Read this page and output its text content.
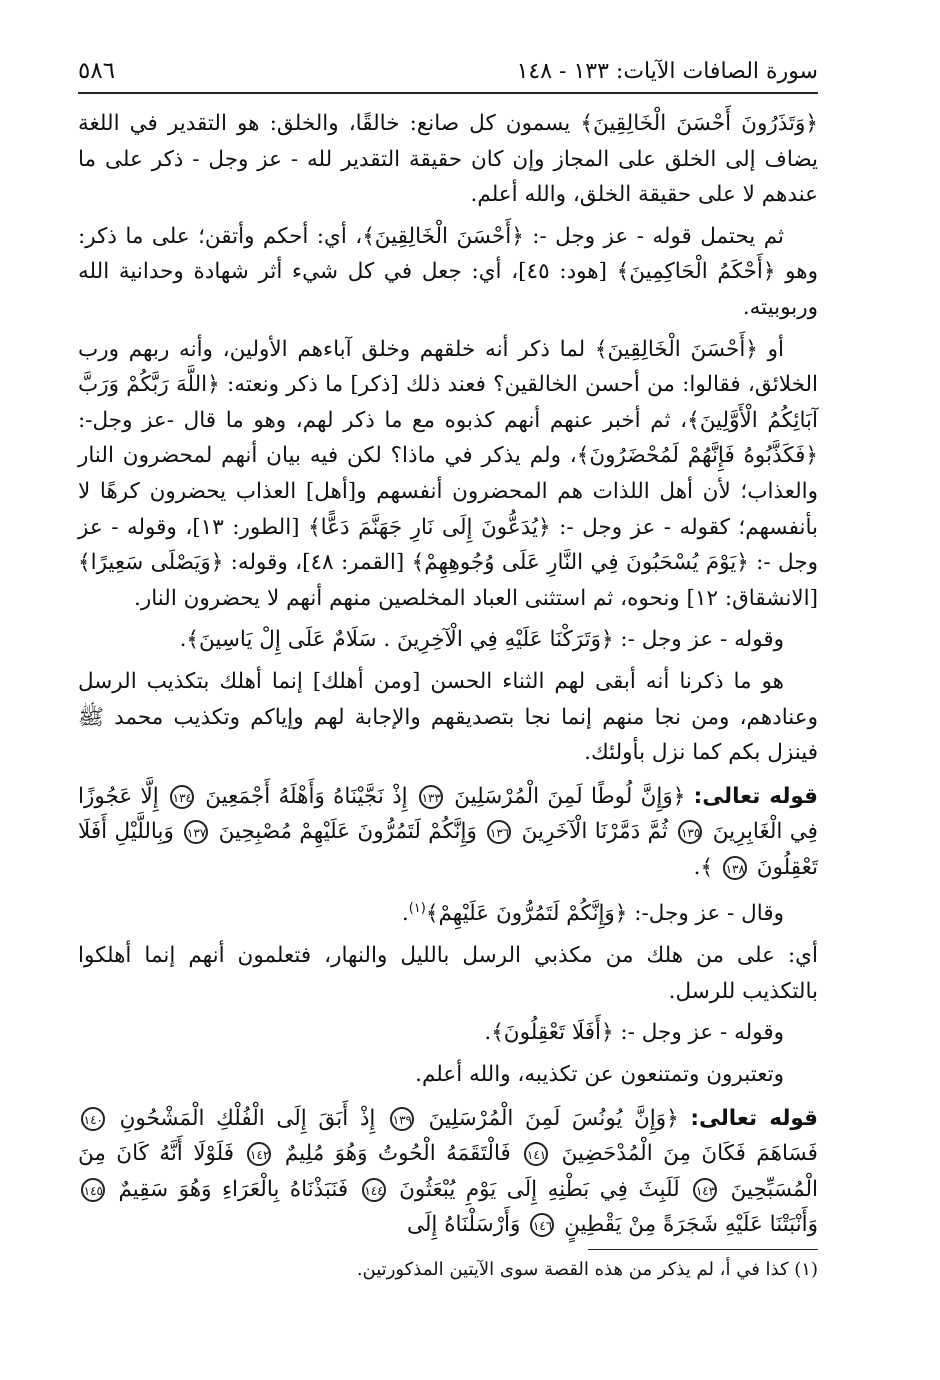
سورة الصافات الآيات: ١٣٣ - ١٤٨
٥٨٦

﴿وَتَذَرُونَ أَحْسَنَ الْخَالِقِينَ﴾ يسمون كل صانع: خالقًا، والخلق: هو التقدير في اللغة يضاف إلى الخلق على المجاز وإن كان حقيقة التقدير لله - عز وجل - ذكر على ما عندهم لا على حقيقة الخلق، والله أعلم.

ثم يحتمل قوله - عز وجل -: ﴿أَحْسَنَ الْخَالِقِينَ﴾، أي: أحكم وأتقن؛ على ما ذكر: وهو ﴿أَحْكَمُ الْحَاكِمِينَ﴾ [هود: ٤٥]، أي: جعل في كل شيء أثر شهادة وحدانية الله وربوبيته.

أو ﴿أَحْسَنَ الْخَالِقِينَ﴾ لما ذكر أنه خلقهم وخلق آباءهم الأولين، وأنه ربهم ورب الخلائق، فقالوا: من أحسن الخالقين؟ فعند ذلك [ذكر] ما ذكر ونعته: ﴿اللَّهَ رَبَّكُمْ وَرَبَّ آبَائِكُمُ الْأَوَّلِينَ﴾، ثم أخبر عنهم أنهم كذبوه مع ما ذكر لهم، وهو ما قال -عز وجل-: ﴿فَكَذَّبُوهُ فَإِنَّهُمْ لَمُحْضَرُونَ﴾، ولم يذكر في ماذا؟ لكن فيه بيان أنهم لمحضرون النار والعذاب؛ لأن أهل اللذات هم المحضرون أنفسهم و[أهل] العذاب يحضرون كرهًا لا بأنفسهم؛ كقوله - عز وجل -: ﴿يُدَعُّونَ إِلَى نَارِ جَهَنَّمَ دَعًّا﴾ [الطور: ١٣]، وقوله - عز وجل -: ﴿يَوْمَ يُسْحَبُونَ فِي النَّارِ عَلَى وُجُوهِهِمْ﴾ [القمر: ٤٨]، وقوله: ﴿وَيَصْلَى سَعِيرًا﴾ [الانشقاق: ١٢] ونحوه، ثم استثنى العباد المخلصين منهم أنهم لا يحضرون النار.

وقوله - عز وجل -: ﴿وَتَرَكْنَا عَلَيْهِ فِي الْآخِرِينَ . سَلَامٌ عَلَى إِلْ يَاسِينَ﴾.

هو ما ذكرنا أنه أبقى لهم الثناء الحسن [ومن أهلك] إنما أهلك بتكذيب الرسل وعنادهم، ومن نجا منهم إنما نجا بتصديقهم والإجابة لهم وإياكم وتكذيب محمد ﷺ فينزل بكم كما نزل بأولئك.

قوله تعالى: ﴿وَإِنَّ لُوطًا لَمِنَ الْمُرْسَلِينَ ١٣٣ إِذْ نَجَّيْنَاهُ وَأَهْلَهُ أَجْمَعِينَ ١٣٤ إِلَّا عَجُوزًا فِي الْغَابِرِينَ ١٣٥ ثُمَّ دَمَّرْنَا الْآخَرِينَ ١٣٦ وَإِنَّكُمْ لَتَمُرُّونَ عَلَيْهِمْ مُصْبِحِينَ ١٣٧ وَبِاللَّيْلِ أَفَلَا تَعْقِلُونَ ١٣٨ ﴾.

وقال - عز وجل-: ﴿وَإِنَّكُمْ لَتَمُرُّونَ عَلَيْهِمْ﴾$^{(١)}$.

أي: على من هلك من مكذبي الرسل بالليل والنهار، فتعلمون أنهم إنما أهلكوا بالتكذيب للرسل.

وقوله - عز وجل -: ﴿أَفَلَا تَعْقِلُونَ﴾.

وتعتبرون وتمتنعون عن تكذيبه، والله أعلم.

قوله تعالى: ﴿وَإِنَّ يُونُسَ لَمِنَ الْمُرْسَلِينَ ١٣٩ إِذْ أَبَقَ إِلَى الْفُلْكِ الْمَشْحُونِ ١٤٠ فَسَاهَمَ فَكَانَ مِنَ الْمُدْحَضِينَ ١٤١ فَالْتَقَمَهُ الْحُوتُ وَهُوَ مُلِيمٌ ١٤٢ فَلَوْلَا أَنَّهُ كَانَ مِنَ الْمُسَبِّحِينَ ١٤٣ لَلَبِثَ فِي بَطْنِهِ إِلَى يَوْمِ يُبْعَثُونَ ١٤٤ فَنَبَذْنَاهُ بِالْعَرَاءِ وَهُوَ سَقِيمٌ ١٤٥ وَأَنْبَتْنَا عَلَيْهِ شَجَرَةً مِنْ يَقْطِينٍ ١٤٦ وَأَرْسَلْنَاهُ إِلَى

(١) كذا في أ، لم يذكر من هذه القصة سوى الآيتين المذكورتين.
